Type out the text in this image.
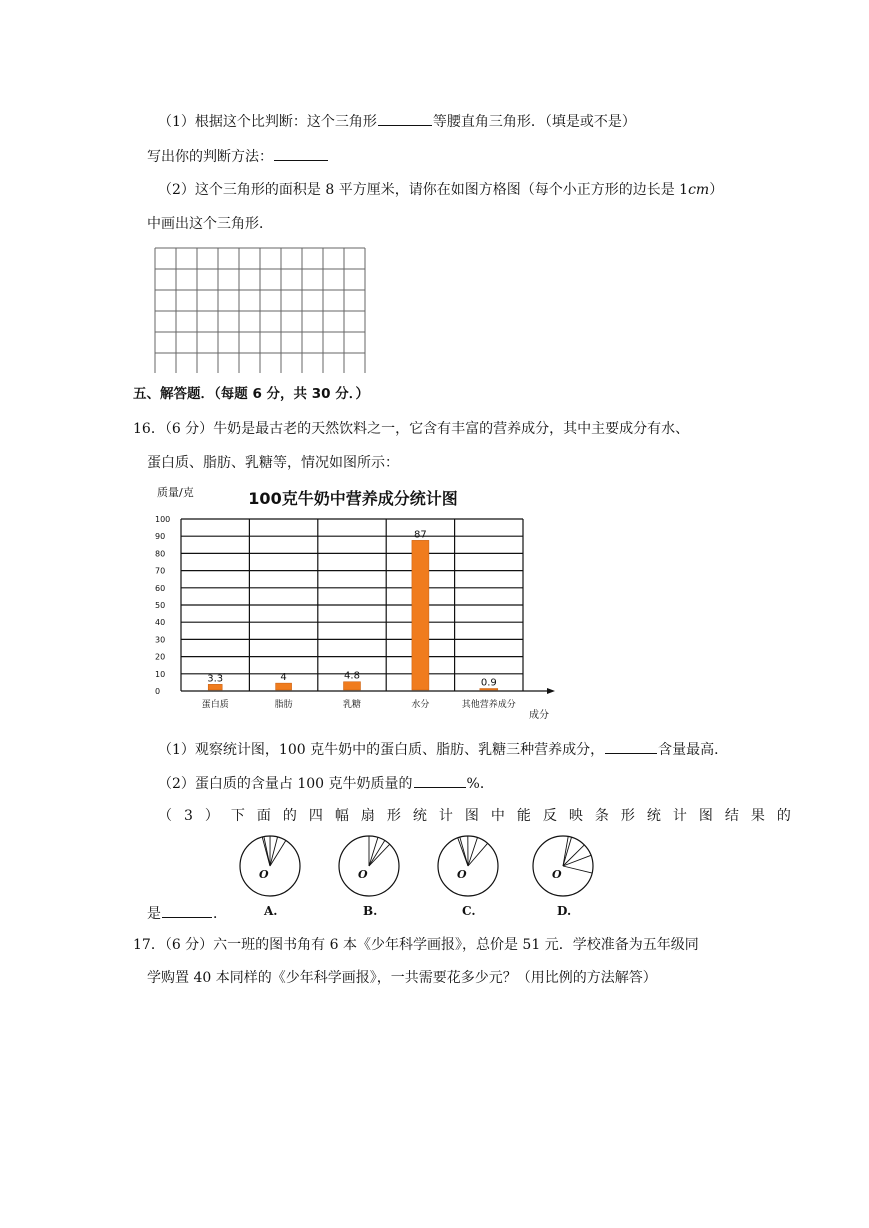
（1）根据这个比判断：这个三角形	等腰直角三角形．（填是或不是）
写出你的判断方法：
（2）这个三角形的面积是 8 平方厘米，请你在如图方格图（每个小正方形的边长是 1cm）
中画出这个三角形．
五、解答题．（每题 6 分，共 30 分．）
16．（6 分）牛奶是最古老的天然饮料之一，它含有丰富的营养成分，其中主要成分有水、
蛋白质、脂肪、乳糖等，情况如图所示：
100克牛奶中营养成分统计图
质量/克
成分
0
10
20
30
40
50
60
70
80
90
100
3.3
蛋白质
4
脂肪
4.8
乳糖
87
水分
0.9
其他营养成分
（1）观察统计图，100 克牛奶中的蛋白质、脂肪、乳糖三种营养成分，	含量最高．
（2）蛋白质的含量占 100 克牛奶质量的	%．
（3）下面的四幅扇形统计图中能反映条形统计图结果的
O
A.
O
B.
O
C.
O
D.
是	．
17．（6 分）六一班的图书角有 6 本《少年科学画报》，总价是 51 元．学校准备为五年级同
学购置 40 本同样的《少年科学画报》，一共需要花多少元？（用比例的方法解答）
